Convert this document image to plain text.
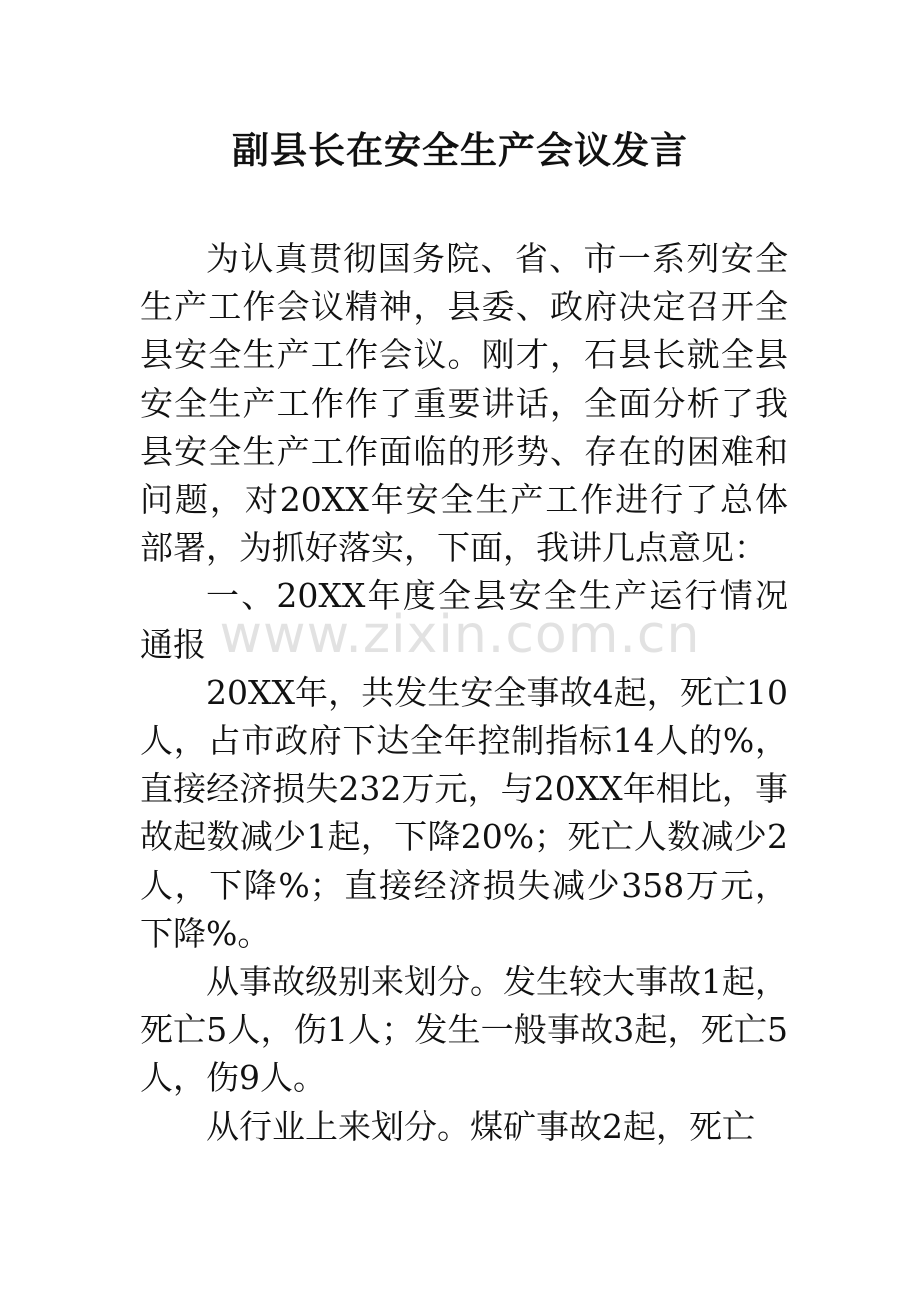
副县长在安全生产会议发言

为认真贯彻国务院、省、市一系列安全生产工作会议精神，县委、政府决定召开全县安全生产工作会议。刚才，石县长就全县安全生产工作作了重要讲话，全面分析了我县安全生产工作面临的形势、存在的困难和问题，对20XX年安全生产工作进行了总体部署，为抓好落实，下面，我讲几点意见：

一、20XX年度全县安全生产运行情况通报

20XX年，共发生安全事故4起，死亡10人，占市政府下达全年控制指标14人的%，直接经济损失232万元，与20XX年相比，事故起数减少1起，下降20%；死亡人数减少2人，下降%；直接经济损失减少358万元，下降%。

从事故级别来划分。发生较大事故1起，死亡5人，伤1人；发生一般事故3起，死亡5人，伤9人。

从行业上来划分。煤矿事故2起，死亡

www.zixin.com.cn
